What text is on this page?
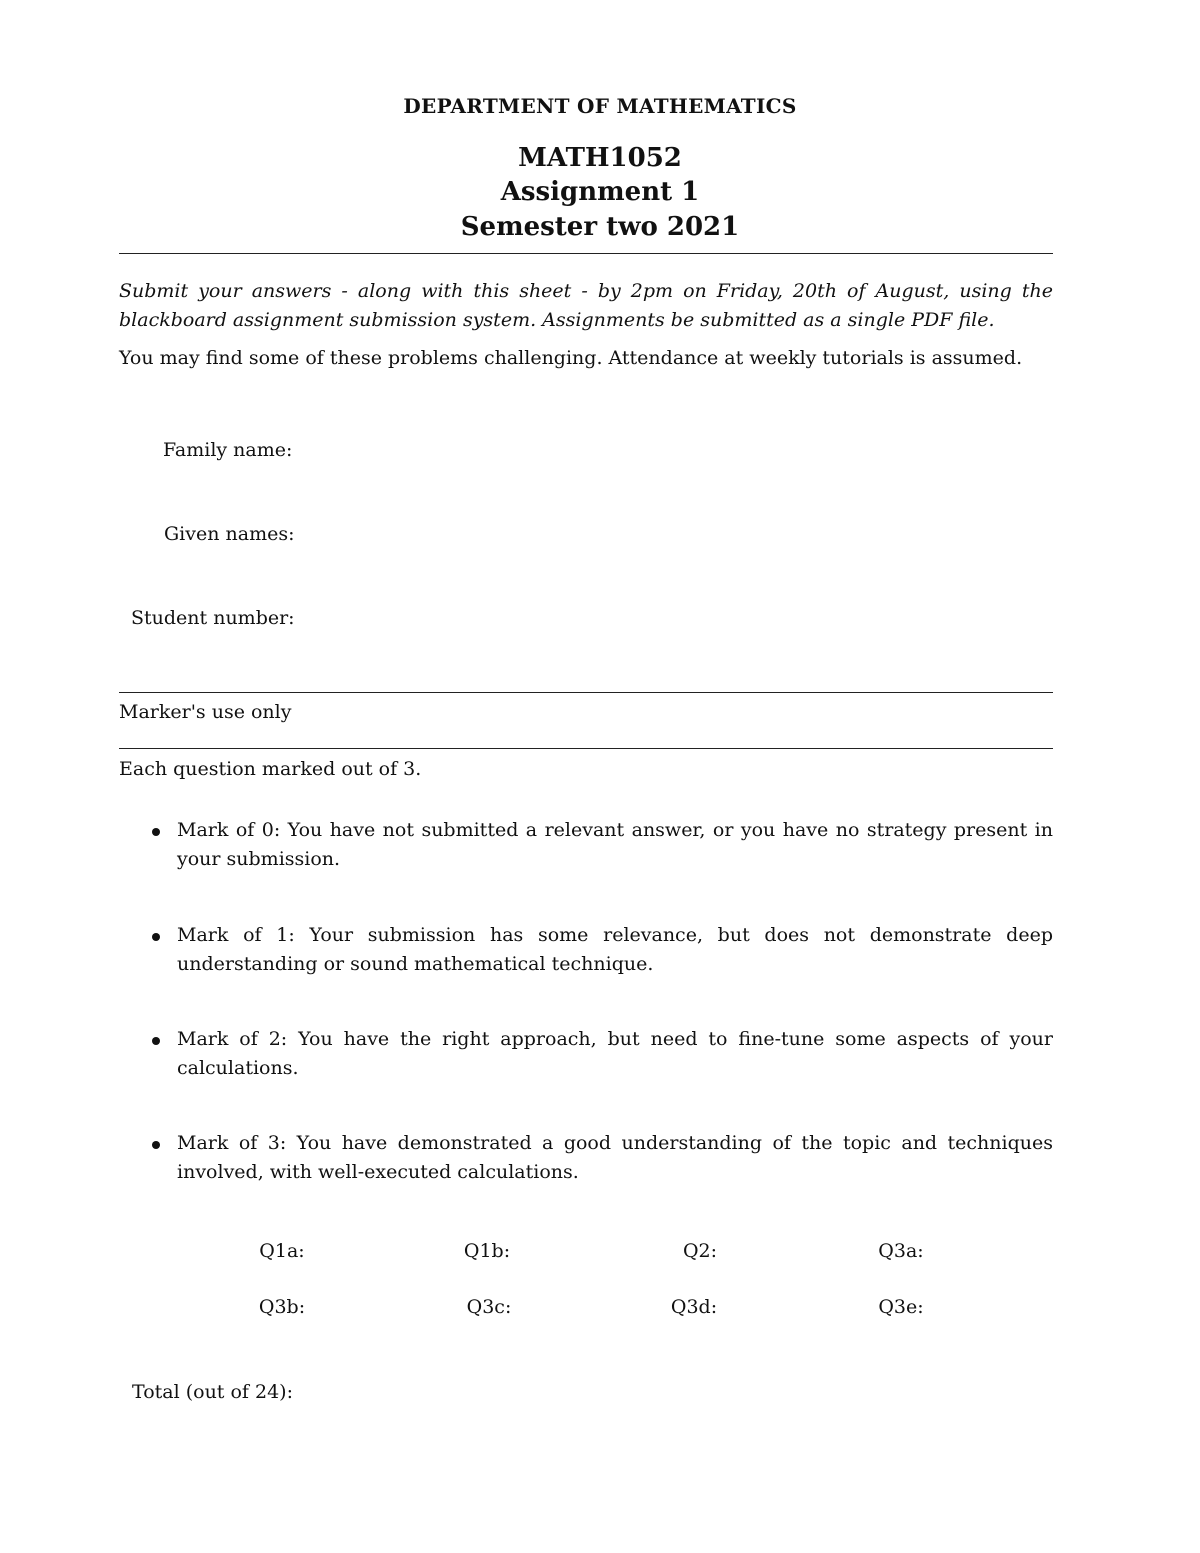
DEPARTMENT OF MATHEMATICS
MATH1052
Assignment 1
Semester two 2021
Submit your answers - along with this sheet - by 2pm on Friday, 20th of August, using the blackboard assignment submission system. Assignments be submitted as a single PDF file.
You may find some of these problems challenging. Attendance at weekly tutorials is assumed.
Family name:
Given names:
Student number:
Marker's use only
Each question marked out of 3.
Mark of 0: You have not submitted a relevant answer, or you have no strategy present in your submission.
Mark of 1: Your submission has some relevance, but does not demonstrate deep understanding or sound mathematical technique.
Mark of 2: You have the right approach, but need to fine-tune some aspects of your calculations.
Mark of 3: You have demonstrated a good understanding of the topic and techniques involved, with well-executed calculations.
Q1a:	Q1b:	Q2:	Q3a:
Q3b:	Q3c:	Q3d:	Q3e:
Total (out of 24):
